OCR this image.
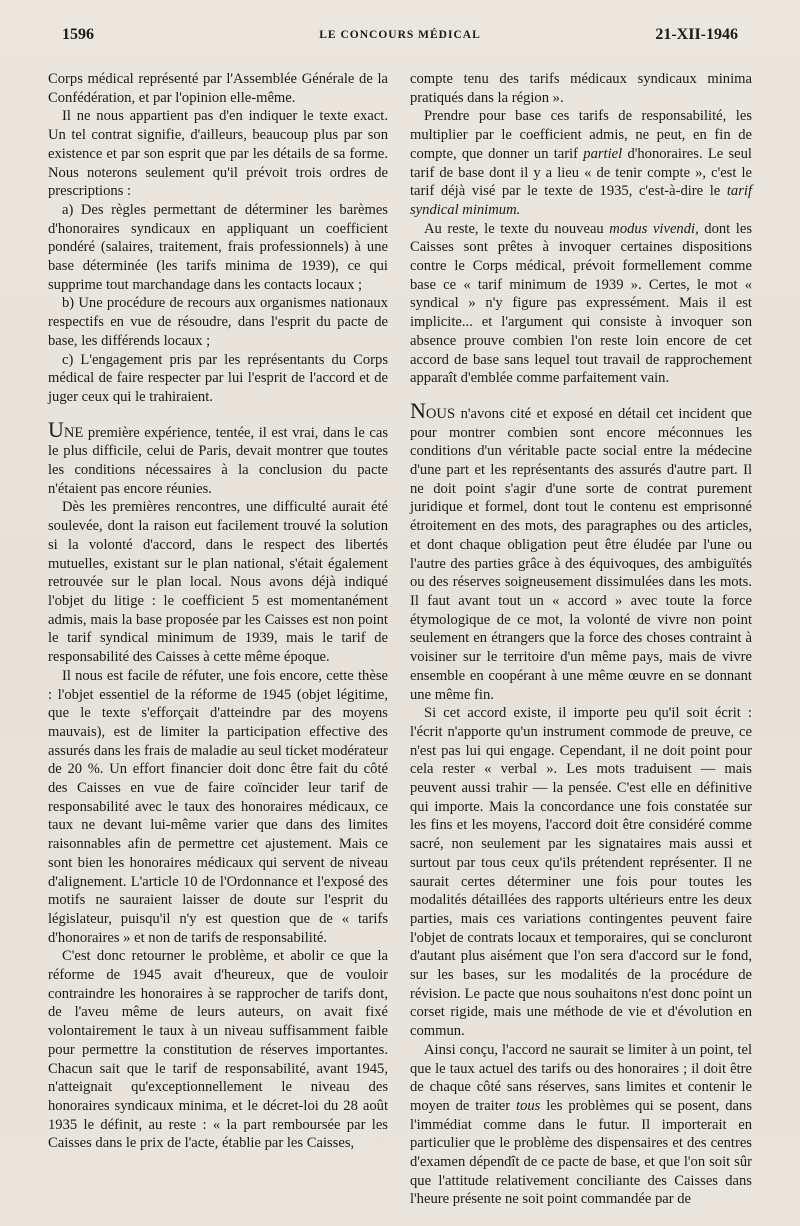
1596	LE CONCOURS MÉDICAL	21-XII-1946

Corps médical représenté par l'Assemblée Générale de la Confédération, et par l'opinion elle-même.

Il ne nous appartient pas d'en indiquer le texte exact. Un tel contrat signifie, d'ailleurs, beaucoup plus par son existence et par son esprit que par les détails de sa forme. Nous noterons seulement qu'il prévoit trois ordres de prescriptions :

a) Des règles permettant de déterminer les barèmes d'honoraires syndicaux en appliquant un coefficient pondéré (salaires, traitement, frais professionnels) à une base déterminée (les tarifs minima de 1939), ce qui supprime tout marchandage dans les contacts locaux ;

b) Une procédure de recours aux organismes nationaux respectifs en vue de résoudre, dans l'esprit du pacte de base, les différends locaux ;

c) L'engagement pris par les représentants du Corps médical de faire respecter par lui l'esprit de l'accord et de juger ceux qui le trahiraient.

UNE première expérience, tentée, il est vrai, dans le cas le plus difficile, celui de Paris, devait montrer que toutes les conditions nécessaires à la conclusion du pacte n'étaient pas encore réunies.

Dès les premières rencontres, une difficulté aurait été soulevée, dont la raison eut facilement trouvé la solution si la volonté d'accord, dans le respect des libertés mutuelles, existant sur le plan national, s'était également retrouvée sur le plan local. Nous avons déjà indiqué l'objet du litige : le coefficient 5 est momentanément admis, mais la base proposée par les Caisses est non point le tarif syndical minimum de 1939, mais le tarif de responsabilité des Caisses à cette même époque.

Il nous est facile de réfuter, une fois encore, cette thèse : l'objet essentiel de la réforme de 1945 (objet légitime, que le texte s'efforçait d'atteindre par des moyens mauvais), est de limiter la participation effective des assurés dans les frais de maladie au seul ticket modérateur de 20 %. Un effort financier doit donc être fait du côté des Caisses en vue de faire coïncider leur tarif de responsabilité avec le taux des honoraires médicaux, ce taux ne devant lui-même varier que dans des limites raisonnables afin de permettre cet ajustement. Mais ce sont bien les honoraires médicaux qui servent de niveau d'alignement. L'article 10 de l'Ordonnance et l'exposé des motifs ne sauraient laisser de doute sur l'esprit du législateur, puisqu'il n'y est question que de « tarifs d'honoraires » et non de tarifs de responsabilité.

C'est donc retourner le problème, et abolir ce que la réforme de 1945 avait d'heureux, que de vouloir contraindre les honoraires à se rapprocher de tarifs dont, de l'aveu même de leurs auteurs, on avait fixé volontairement le taux à un niveau suffisamment faible pour permettre la constitution de réserves importantes. Chacun sait que le tarif de responsabilité, avant 1945, n'atteignait qu'exceptionnellement le niveau des honoraires syndicaux minima, et le décret-loi du 28 août 1935 le définit, au reste : « la part remboursée par les Caisses dans le prix de l'acte, établie par les Caisses,

compte tenu des tarifs médicaux syndicaux minima pratiqués dans la région ».

Prendre pour base ces tarifs de responsabilité, les multiplier par le coefficient admis, ne peut, en fin de compte, que donner un tarif partiel d'honoraires. Le seul tarif de base dont il y a lieu « de tenir compte », c'est le tarif déjà visé par le texte de 1935, c'est-à-dire le tarif syndical minimum.

Au reste, le texte du nouveau modus vivendi, dont les Caisses sont prêtes à invoquer certaines dispositions contre le Corps médical, prévoit formellement comme base ce « tarif minimum de 1939 ». Certes, le mot « syndical » n'y figure pas expressément. Mais il est implicite... et l'argument qui consiste à invoquer son absence prouve combien l'on reste loin encore de cet accord de base sans lequel tout travail de rapprochement apparaît d'emblée comme parfaitement vain.

NOUS n'avons cité et exposé en détail cet incident que pour montrer combien sont encore méconnues les conditions d'un véritable pacte social entre la médecine d'une part et les représentants des assurés d'autre part. Il ne doit point s'agir d'une sorte de contrat purement juridique et formel, dont tout le contenu est emprisonné étroitement en des mots, des paragraphes ou des articles, et dont chaque obligation peut être éludée par l'une ou l'autre des parties grâce à des équivoques, des ambiguïtés ou des réserves soigneusement dissimulées dans les mots. Il faut avant tout un « accord » avec toute la force étymologique de ce mot, la volonté de vivre non point seulement en étrangers que la force des choses contraint à voisiner sur le territoire d'un même pays, mais de vivre ensemble en coopérant à une même œuvre en se donnant une même fin.

Si cet accord existe, il importe peu qu'il soit écrit : l'écrit n'apporte qu'un instrument commode de preuve, ce n'est pas lui qui engage. Cependant, il ne doit point pour cela rester « verbal ». Les mots traduisent — mais peuvent aussi trahir — la pensée. C'est elle en définitive qui importe. Mais la concordance une fois constatée sur les fins et les moyens, l'accord doit être considéré comme sacré, non seulement par les signataires mais aussi et surtout par tous ceux qu'ils prétendent représenter. Il ne saurait certes déterminer une fois pour toutes les modalités détaillées des rapports ultérieurs entre les deux parties, mais ces variations contingentes peuvent faire l'objet de contrats locaux et temporaires, qui se concluront d'autant plus aisément que l'on sera d'accord sur le fond, sur les bases, sur les modalités de la procédure de révision. Le pacte que nous souhaitons n'est donc point un corset rigide, mais une méthode de vie et d'évolution en commun.

Ainsi conçu, l'accord ne saurait se limiter à un point, tel que le taux actuel des tarifs ou des honoraires ; il doit être de chaque côté sans réserves, sans limites et contenir le moyen de traiter tous les problèmes qui se posent, dans l'immédiat comme dans le futur. Il importerait en particulier que le problème des dispensaires et des centres d'examen dépendît de ce pacte de base, et que l'on soit sûr que l'attitude relativement conciliante des Caisses dans l'heure présente ne soit point commandée par de
